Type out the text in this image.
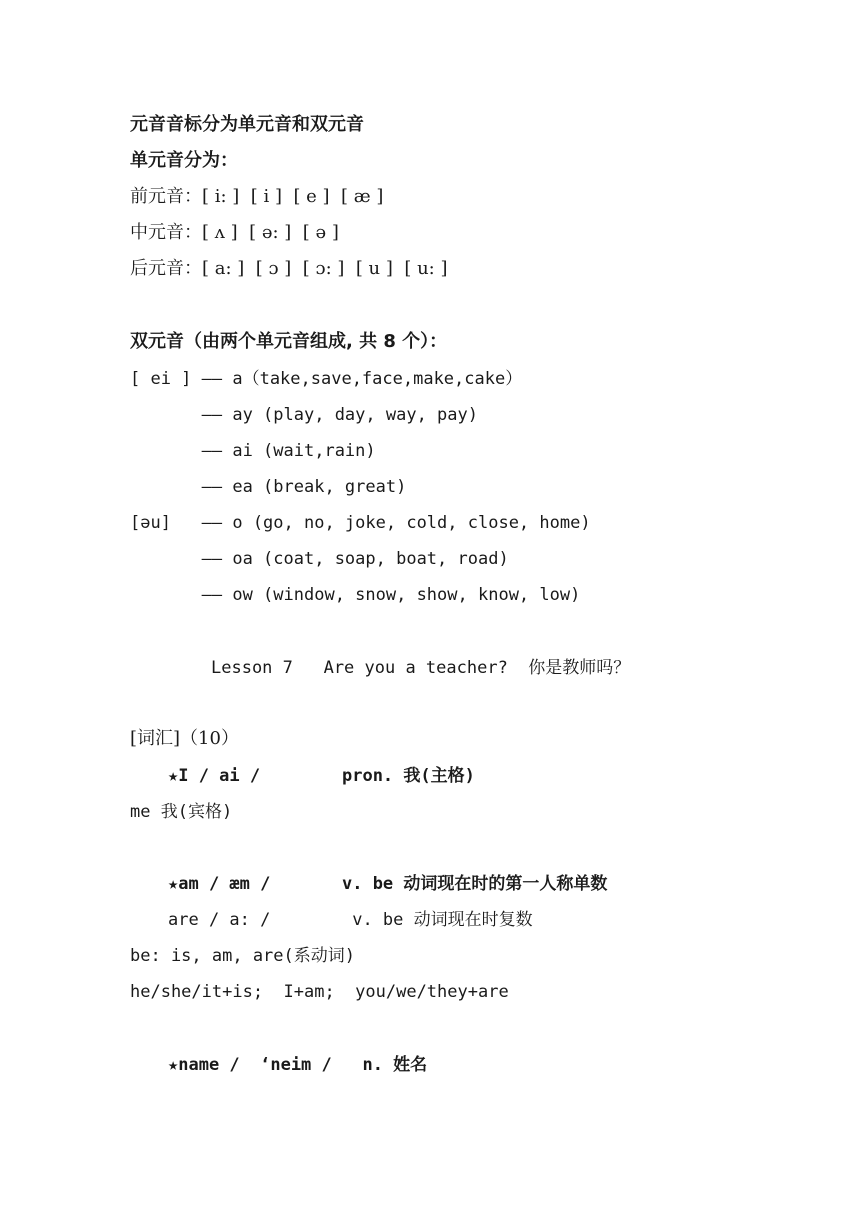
元音音标分为单元音和双元音
单元音分为：
前元音：[ i: ]  [ i ]  [ e ]  [ æ ]
中元音：[ ʌ ]  [ ə: ]  [ ə ]
后元音：[ a: ]  [ ɔ ]  [ ɔ: ]  [ u ]  [ u: ]
双元音（由两个单元音组成, 共 8 个）：
[ ei ] —— a（take,save,face,make,cake）
—— ay (play, day, way, pay)
—— ai (wait,rain)
—— ea (break, great)
[əu]   —— o (go, no, joke, cold, close, home)
—— oa (coat, soap, boat, road)
—— ow (window, snow, show, know, low)
Lesson 7   Are you a teacher?  你是教师吗？
[词汇]（10）
★I / ai /        pron. 我(主格)
me 我(宾格)
★am / æm /       v. be 动词现在时的第一人称单数
are / a: /        v. be 动词现在时复数
be: is, am, are(系动词)
he/she/it+is;  I+am;  you/we/they+are
★name /  ‘neim /   n. 姓名
